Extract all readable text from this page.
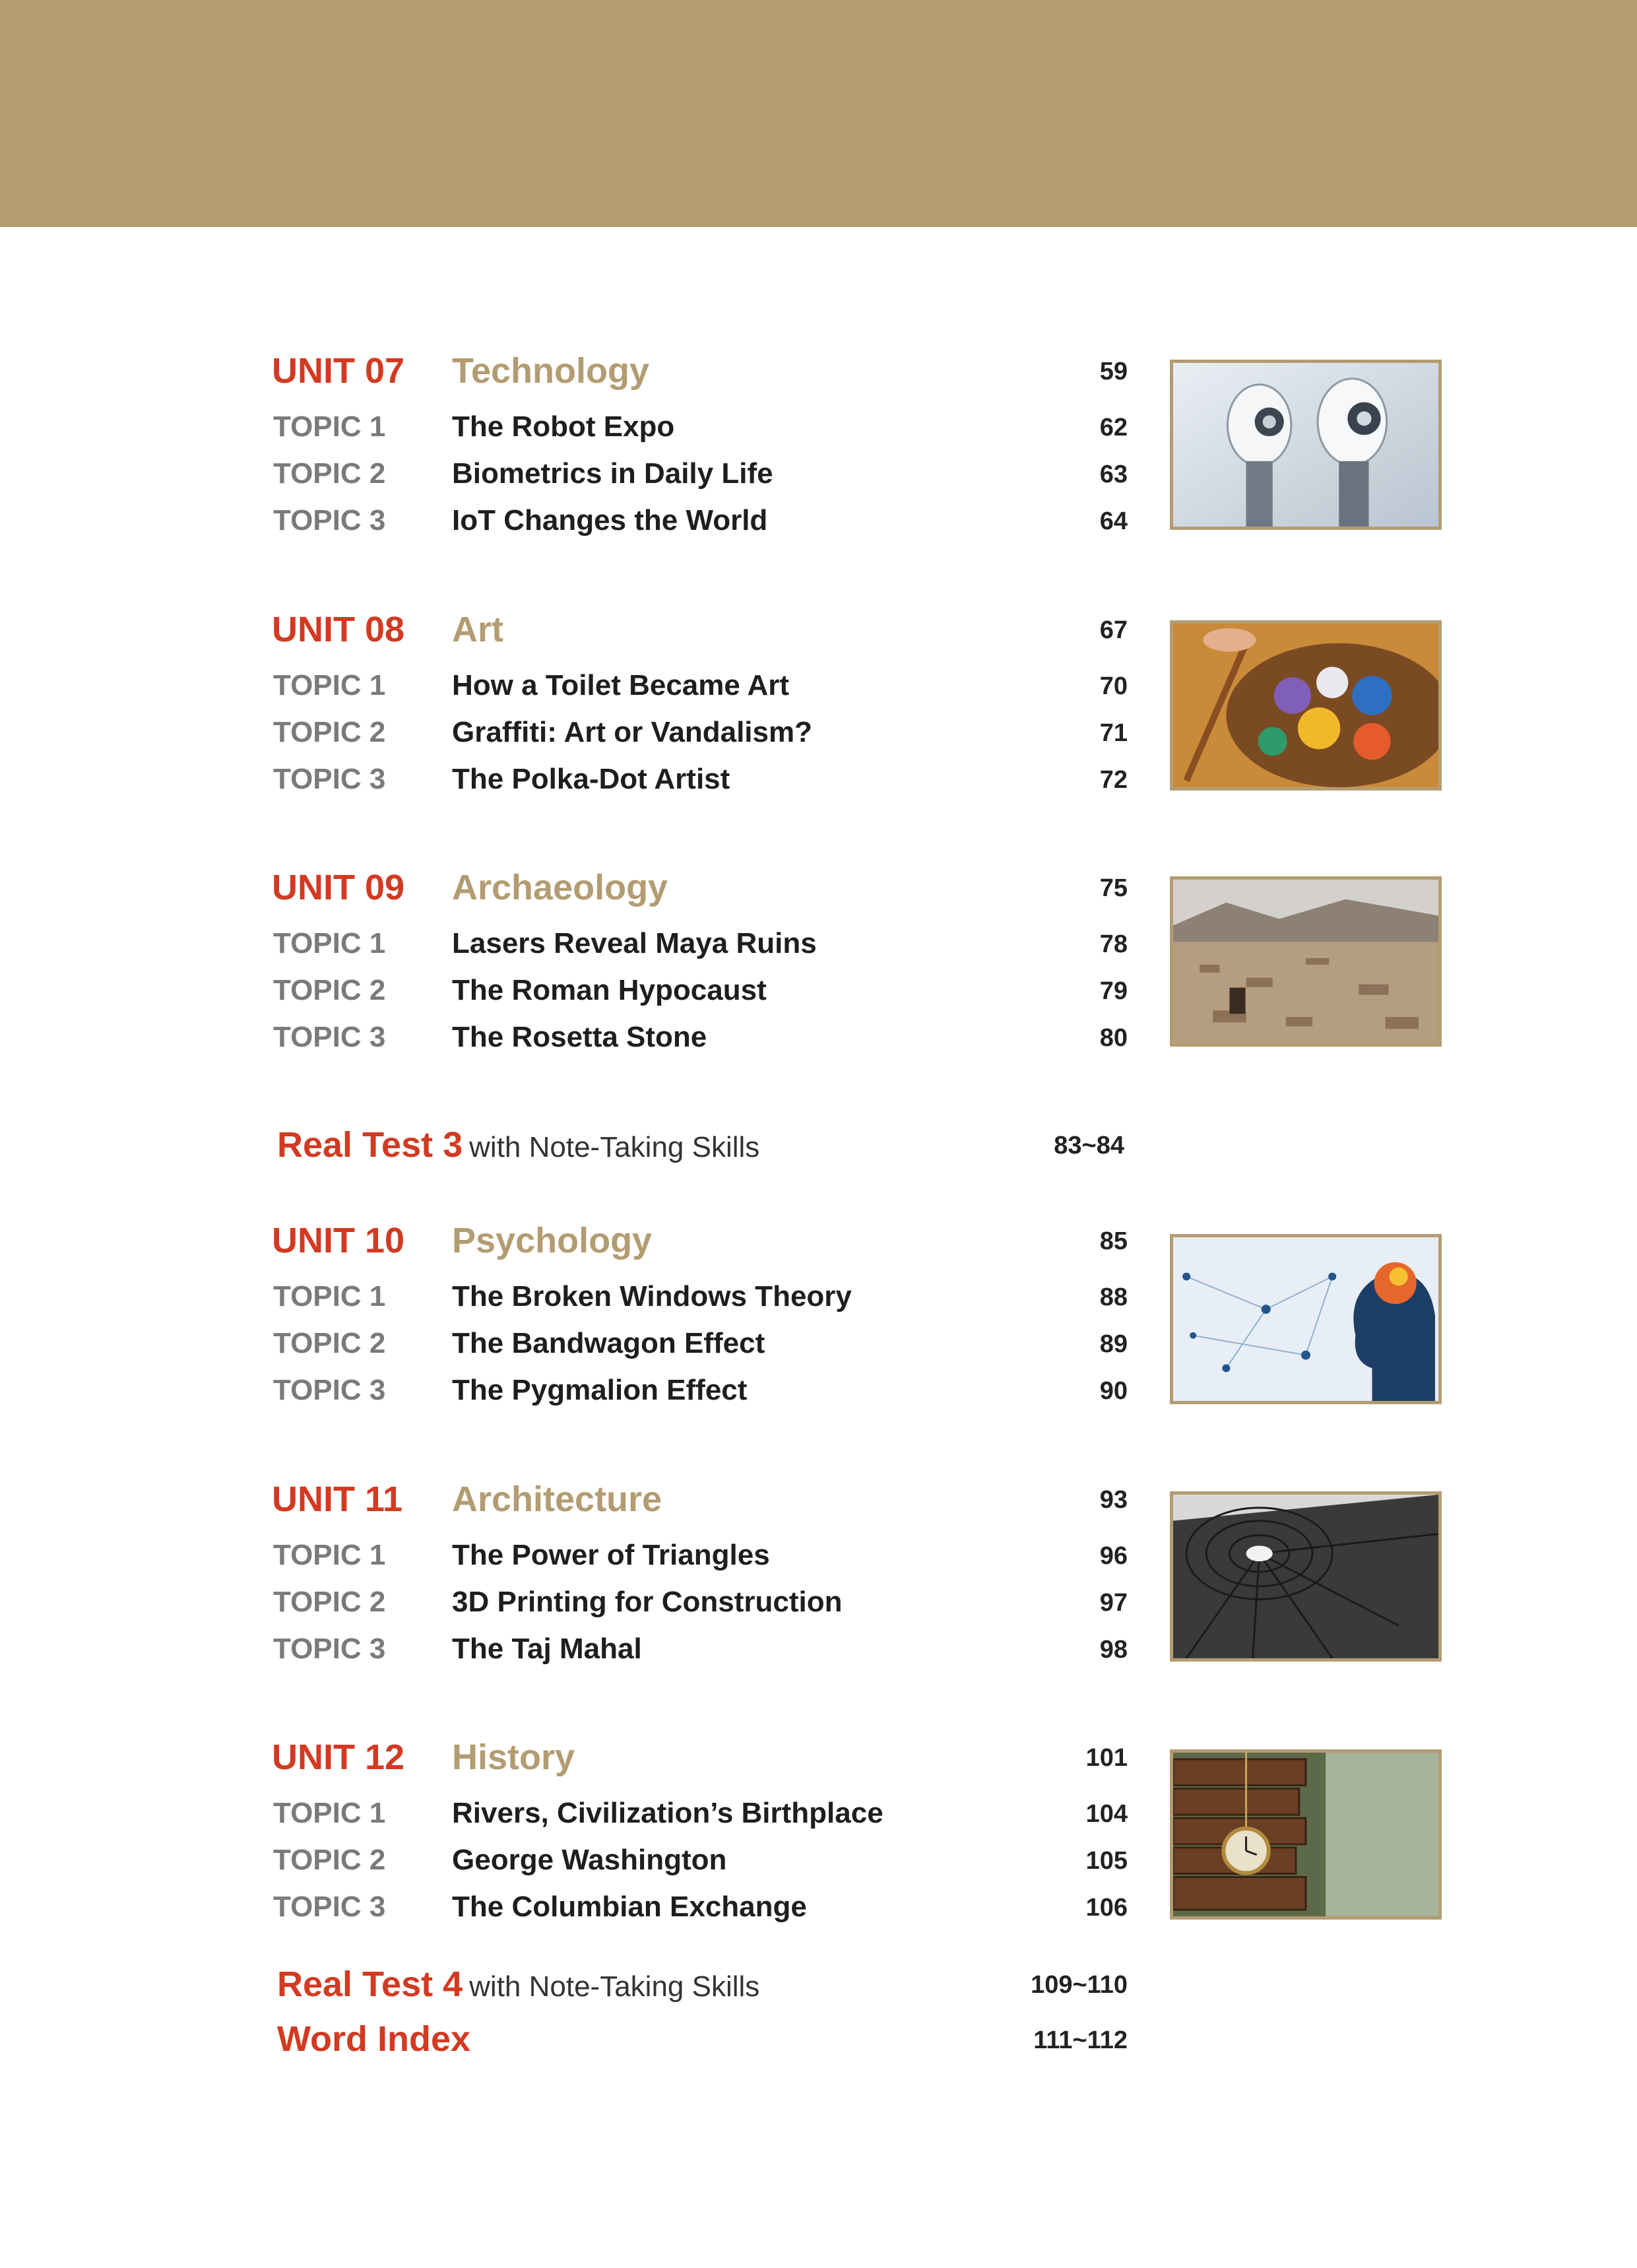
UNIT 07 Technology	59
TOPIC 1 The Robot Expo	62
TOPIC 2 Biometrics in Daily Life	63
TOPIC 3 IoT Changes the World	64
UNIT 08 Art	67
TOPIC 1 How a Toilet Became Art	70
TOPIC 2 Graffiti: Art or Vandalism?	71
TOPIC 3 The Polka-Dot Artist	72
UNIT 09 Archaeology	75
TOPIC 1 Lasers Reveal Maya Ruins	78
TOPIC 2 The Roman Hypocaust	79
TOPIC 3 The Rosetta Stone	80
UNIT 10 Psychology	85
TOPIC 1 The Broken Windows Theory	88
TOPIC 2 The Bandwagon Effect	89
TOPIC 3 The Pygmalion Effect	90
UNIT 11 Architecture	93
TOPIC 1 The Power of Triangles	96
TOPIC 2 3D Printing for Construction	97
TOPIC 3 The Taj Mahal	98
UNIT 12 History	101
TOPIC 1 Rivers, Civilization’s Birthplace	104
TOPIC 2 George Washington	105
TOPIC 3 The Columbian Exchange	106
Real Test 3 with Note-Taking Skills	83~84
Real Test 4 with Note-Taking Skills	109~110
Word Index	111~112
